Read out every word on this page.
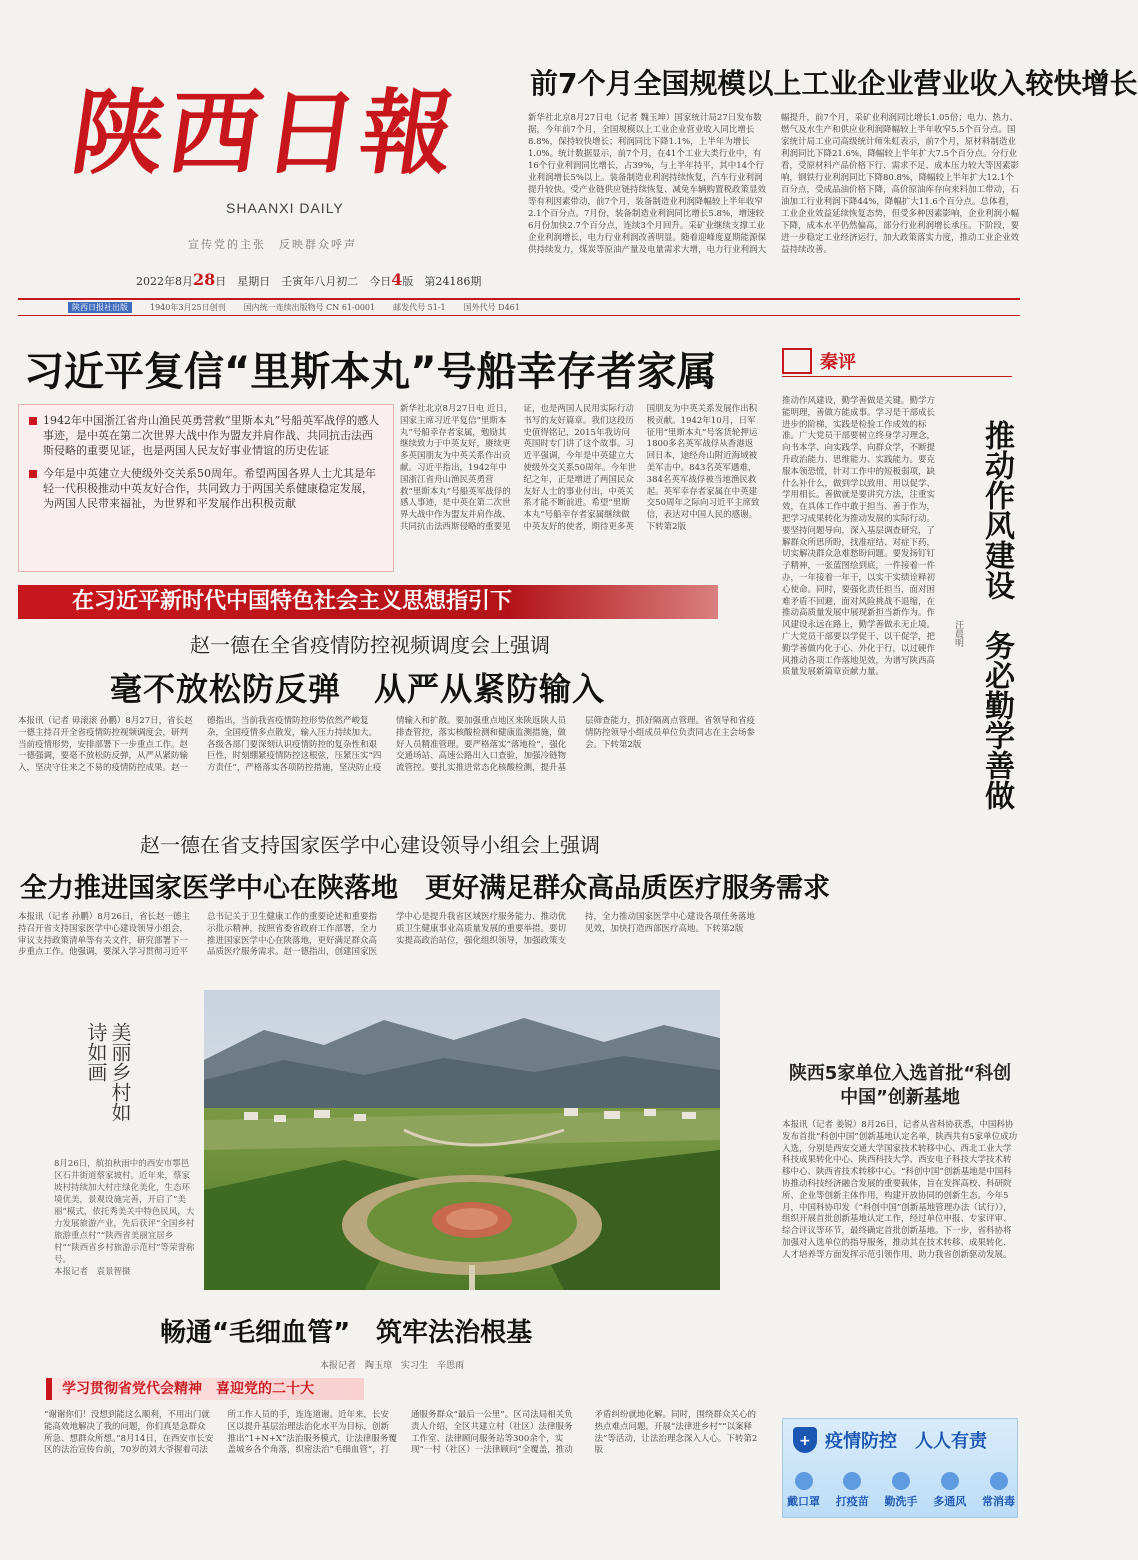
陕西日報
SHAANXI DAILY
宣传党的主张　反映群众呼声
2022年8月28日　星期日　壬寅年八月初二　今日4版　第24186期
前7个月全国规模以上工业企业营业收入较快增长
新华社北京8月27日电（记者 魏玉坤）国家统计局27日发布数据，今年前7个月，全国规模以上工业企业营业收入同比增长8.8%，保持较快增长；利润同比下降1.1%，上半年为增长1.0%。统计数据显示，前7个月，在41个工业大类行业中，有16个行业利润同比增长，占39%，与上半年持平，其中14个行业利润增长5%以上。装备制造业利润持续恢复，汽车行业利润提升较快。受产业链供应链持续恢复、减免车辆购置税政策显效等有利因素带动，前7个月，装备制造业利润降幅较上半年收窄2.1个百分点。7月份，装备制造业利润同比增长5.8%，增速较6月份加快2.7个百分点，连续3个月回升。采矿业继续支撑工业企业利润增长，电力行业利润改善明显。随着迎峰度夏期能源保供持续发力，煤炭等原油产量及电量需求大增，电力行业利润大幅提升，前7个月，采矿业利润同比增长1.05倍；电力、热力、燃气及水生产和供应业利润降幅较上半年收窄5.5个百分点。国家统计局工业司高级统计师朱虹表示，前7个月，原材料制造业利润同比下降21.6%，降幅较上半年扩大7.5个百分点。分行业看，受原材料产品价格下行、需求不足、成本压力较大等因素影响，钢铁行业利润同比下降80.8%，降幅较上半年扩大12.1个百分点，受成品油价格下降，高价原油库存向来料加工带动，石油加工行业利润下降44%，降幅扩大11.6个百分点。总体看，工业企业效益延续恢复态势，但受多种因素影响，企业利润小幅下降，成本水平仍然偏高，部分行业利润增长承压。下阶段，要进一步稳定工业经济运行，加大政策落实力度，推动工业企业效益持续改善。
陕西日报社出版	1940年3月25日创刊 国内统一连续出版物号 CN 61-0001 邮发代号 51-1 国外代号 D461
习近平复信“里斯本丸”号船幸存者家属

1942年中国浙江省舟山渔民英勇营救“里斯本丸”号船英军战俘的感人事迹，是中英在第二次世界大战中作为盟友并肩作战、共同抗击法西斯侵略的重要见证，也是两国人民友好事业情谊的历史佐证

今年是中英建立大使级外交关系50周年。希望两国各界人士尤其是年轻一代积极推动中英友好合作，共同致力于两国关系健康稳定发展，为两国人民带来福祉，为世界和平发展作出积极贡献

新华社北京8月27日电 近日，国家主席习近平复信“里斯本丸”号船幸存者家属，勉励其继续致力于中英友好，赓续更多英国朋友为中英关系作出贡献。习近平指出，1942年中国浙江省舟山渔民英勇营救“里斯本丸”号船英军战俘的感人事迹，是中英在第二次世界大战中作为盟友并肩作战、共同抗击法西斯侵略的重要见证，也是两国人民用实际行动书写的友好篇章。我们这段历史值得铭记，2015年我访问英国时专门讲了这个故事。习近平强调，今年是中英建立大使级外交关系50周年。今年世纪之年，正是增进了两国民众友好人士的事业付出，中英关系才能不断前进。希望“里斯本丸”号船幸存者家属继续做中英友好的使者，期待更多英国朋友为中英关系发展作出积极贡献。1942年10月，日军征用“里斯本丸”号客货轮押运1800多名英军战俘从香港返回日本，途经舟山附近海域被美军击中。843名英军遇难，384名英军战俘被当地渔民救起。英军幸存者家属在中英建交50周年之际向习近平主席致信，表达对中国人民的感谢。下转第2版
在习近平新时代中国特色社会主义思想指引下
赵一德在全省疫情防控视频调度会上强调
毫不放松防反弹　从严从紧防输入
本报讯（记者 毋滚滚 孙鹏）8月27日，省长赵一德主持召开全省疫情防控视频调度会，研判当前疫情形势，安排部署下一步重点工作。赵一德强调，要毫不放松防反弹，从严从紧防输入，坚决守住来之不易的疫情防控成果。赵一德指出，当前我省疫情防控形势依然严峻复杂，全国疫情多点散发，输入压力持续加大。各级各部门要深刻认识疫情防控的复杂性和艰巨性，时刻绷紧疫情防控这根弦，压紧压实“四方责任”，严格落实各项防控措施，坚决防止疫情输入和扩散。要加强重点地区来陕返陕人员排查管控，落实核酸检测和健康监测措施，做好人员精准管理。要严格落实“落地检”，强化交通场站、高速公路出入口查验，加强冷链物流管控。要扎实推进常态化核酸检测，提升基层筛查能力，抓好隔离点管理。省领导和省疫情防控领导小组成员单位负责同志在主会场参会。下转第2版
赵一德在省支持国家医学中心建设领导小组会上强调
全力推进国家医学中心在陕落地　更好满足群众高品质医疗服务需求
本报讯（记者 孙鹏）8月26日，省长赵一德主持召开省支持国家医学中心建设领导小组会，审议支持政策清单等有关文件，研究部署下一步重点工作。他强调，要深入学习贯彻习近平总书记关于卫生健康工作的重要论述和重要指示批示精神，按照省委省政府工作部署，全力推进国家医学中心在陕落地，更好满足群众高品质医疗服务需求。赵一德指出，创建国家医学中心是提升我省区域医疗服务能力、推动优质卫生健康事业高质量发展的重要举措。要切实提高政治站位，强化组织领导，加强政策支持，全力推动国家医学中心建设各项任务落地见效，加快打造西部医疗高地。下转第2版
美丽乡村如诗如画
8月26日，航拍秋雨中的西安市鄠邑区石井街道蔡家坡村。近年来，蔡家坡村持续加大村庄绿化美化，生态环境优美，景观设施完善，开启了“美丽”模式，依托秀美关中特色民风，大力发展旅游产业，先后获评“全国乡村旅游重点村”“陕西省美丽宜居乡村”“陕西省乡村旅游示范村”等荣誉称号。
本报记者　袁景智摄
畅通“毛细血管”　筑牢法治根基
本报记者　陶玉琼　实习生　辛思雨
学习贯彻省党代会精神　喜迎党的二十大
“谢谢你们！没想到能这么顺利，不用出门就能高效地解决了我的问题，你们真是急群众所急、想群众所想。”8月14日，在西安市长安区的法治宣传台前，70岁的刘大爷握着司法所工作人员的手，连连道谢。近年来，长安区以提升基层治理法治化水平为目标，创新推出“1+N+X”法治服务模式，让法律服务覆盖城乡各个角落，织密法治“毛细血管”，打通服务群众“最后一公里”。区司法局相关负责人介绍，全区共建立村（社区）法律服务工作室、法律顾问服务站等300余个，实现“一村（社区）一法律顾问”全覆盖，推动矛盾纠纷就地化解。同时，围绕群众关心的热点难点问题，开展“法律进乡村”“以案释法”等活动，让法治理念深入人心。下转第2版
秦评
推动作风建设，勤学善做是关键。勤学方能明理，善做方能成事。学习是干部成长进步的阶梯，实践是检验工作成效的标准。广大党员干部要树立终身学习理念，向书本学、向实践学、向群众学，不断提升政治能力、思维能力、实践能力。要克服本领恐慌，针对工作中的短板弱项，缺什么补什么，做到学以致用、用以促学、学用相长。善做就是要讲究方法，注重实效，在具体工作中敢于担当、善于作为，把学习成果转化为推动发展的实际行动。要坚持问题导向，深入基层调查研究，了解群众所思所盼，找准症结、对症下药，切实解决群众急难愁盼问题。要发扬钉钉子精神，一张蓝图绘到底，一件接着一件办，一年接着一年干，以实干实绩诠释初心使命。同时，要强化责任担当，面对困难矛盾不回避，面对风险挑战不退缩，在推动高质量发展中展现新担当新作为。作风建设永远在路上，勤学善做永无止境。广大党员干部要以学促干、以干促学，把勤学善做内化于心、外化于行，以过硬作风推动各项工作落地见效，为谱写陕西高质量发展新篇章贡献力量。	推动作风建设　务必勤学善做
汪晨明
陕西5家单位入选首批“科创中国”创新基地
本报讯（记者 姜锐）8月26日，记者从省科协获悉，中国科协发布首批“科创中国”创新基地认定名单，陕西共有5家单位成功入选，分别是西安交通大学国家技术转移中心、西北工业大学科技成果转化中心、陕西科技大学、西安电子科技大学技术转移中心、陕西省技术转移中心。“科创中国”创新基地是中国科协推动科技经济融合发展的重要载体，旨在发挥高校、科研院所、企业等创新主体作用，构建开放协同的创新生态。今年5月，中国科协印发《“科创中国”创新基地管理办法（试行）》，组织开展首批创新基地认定工作，经过单位申报、专家评审、综合评议等环节，最终确定首批创新基地。下一步，省科协将加强对入选单位的指导服务，推动其在技术转移、成果转化、人才培养等方面发挥示范引领作用，助力我省创新驱动发展。
+ 疫情防控　人人有责
戴口罩 打疫苗 勤洗手 多通风 常消毒
